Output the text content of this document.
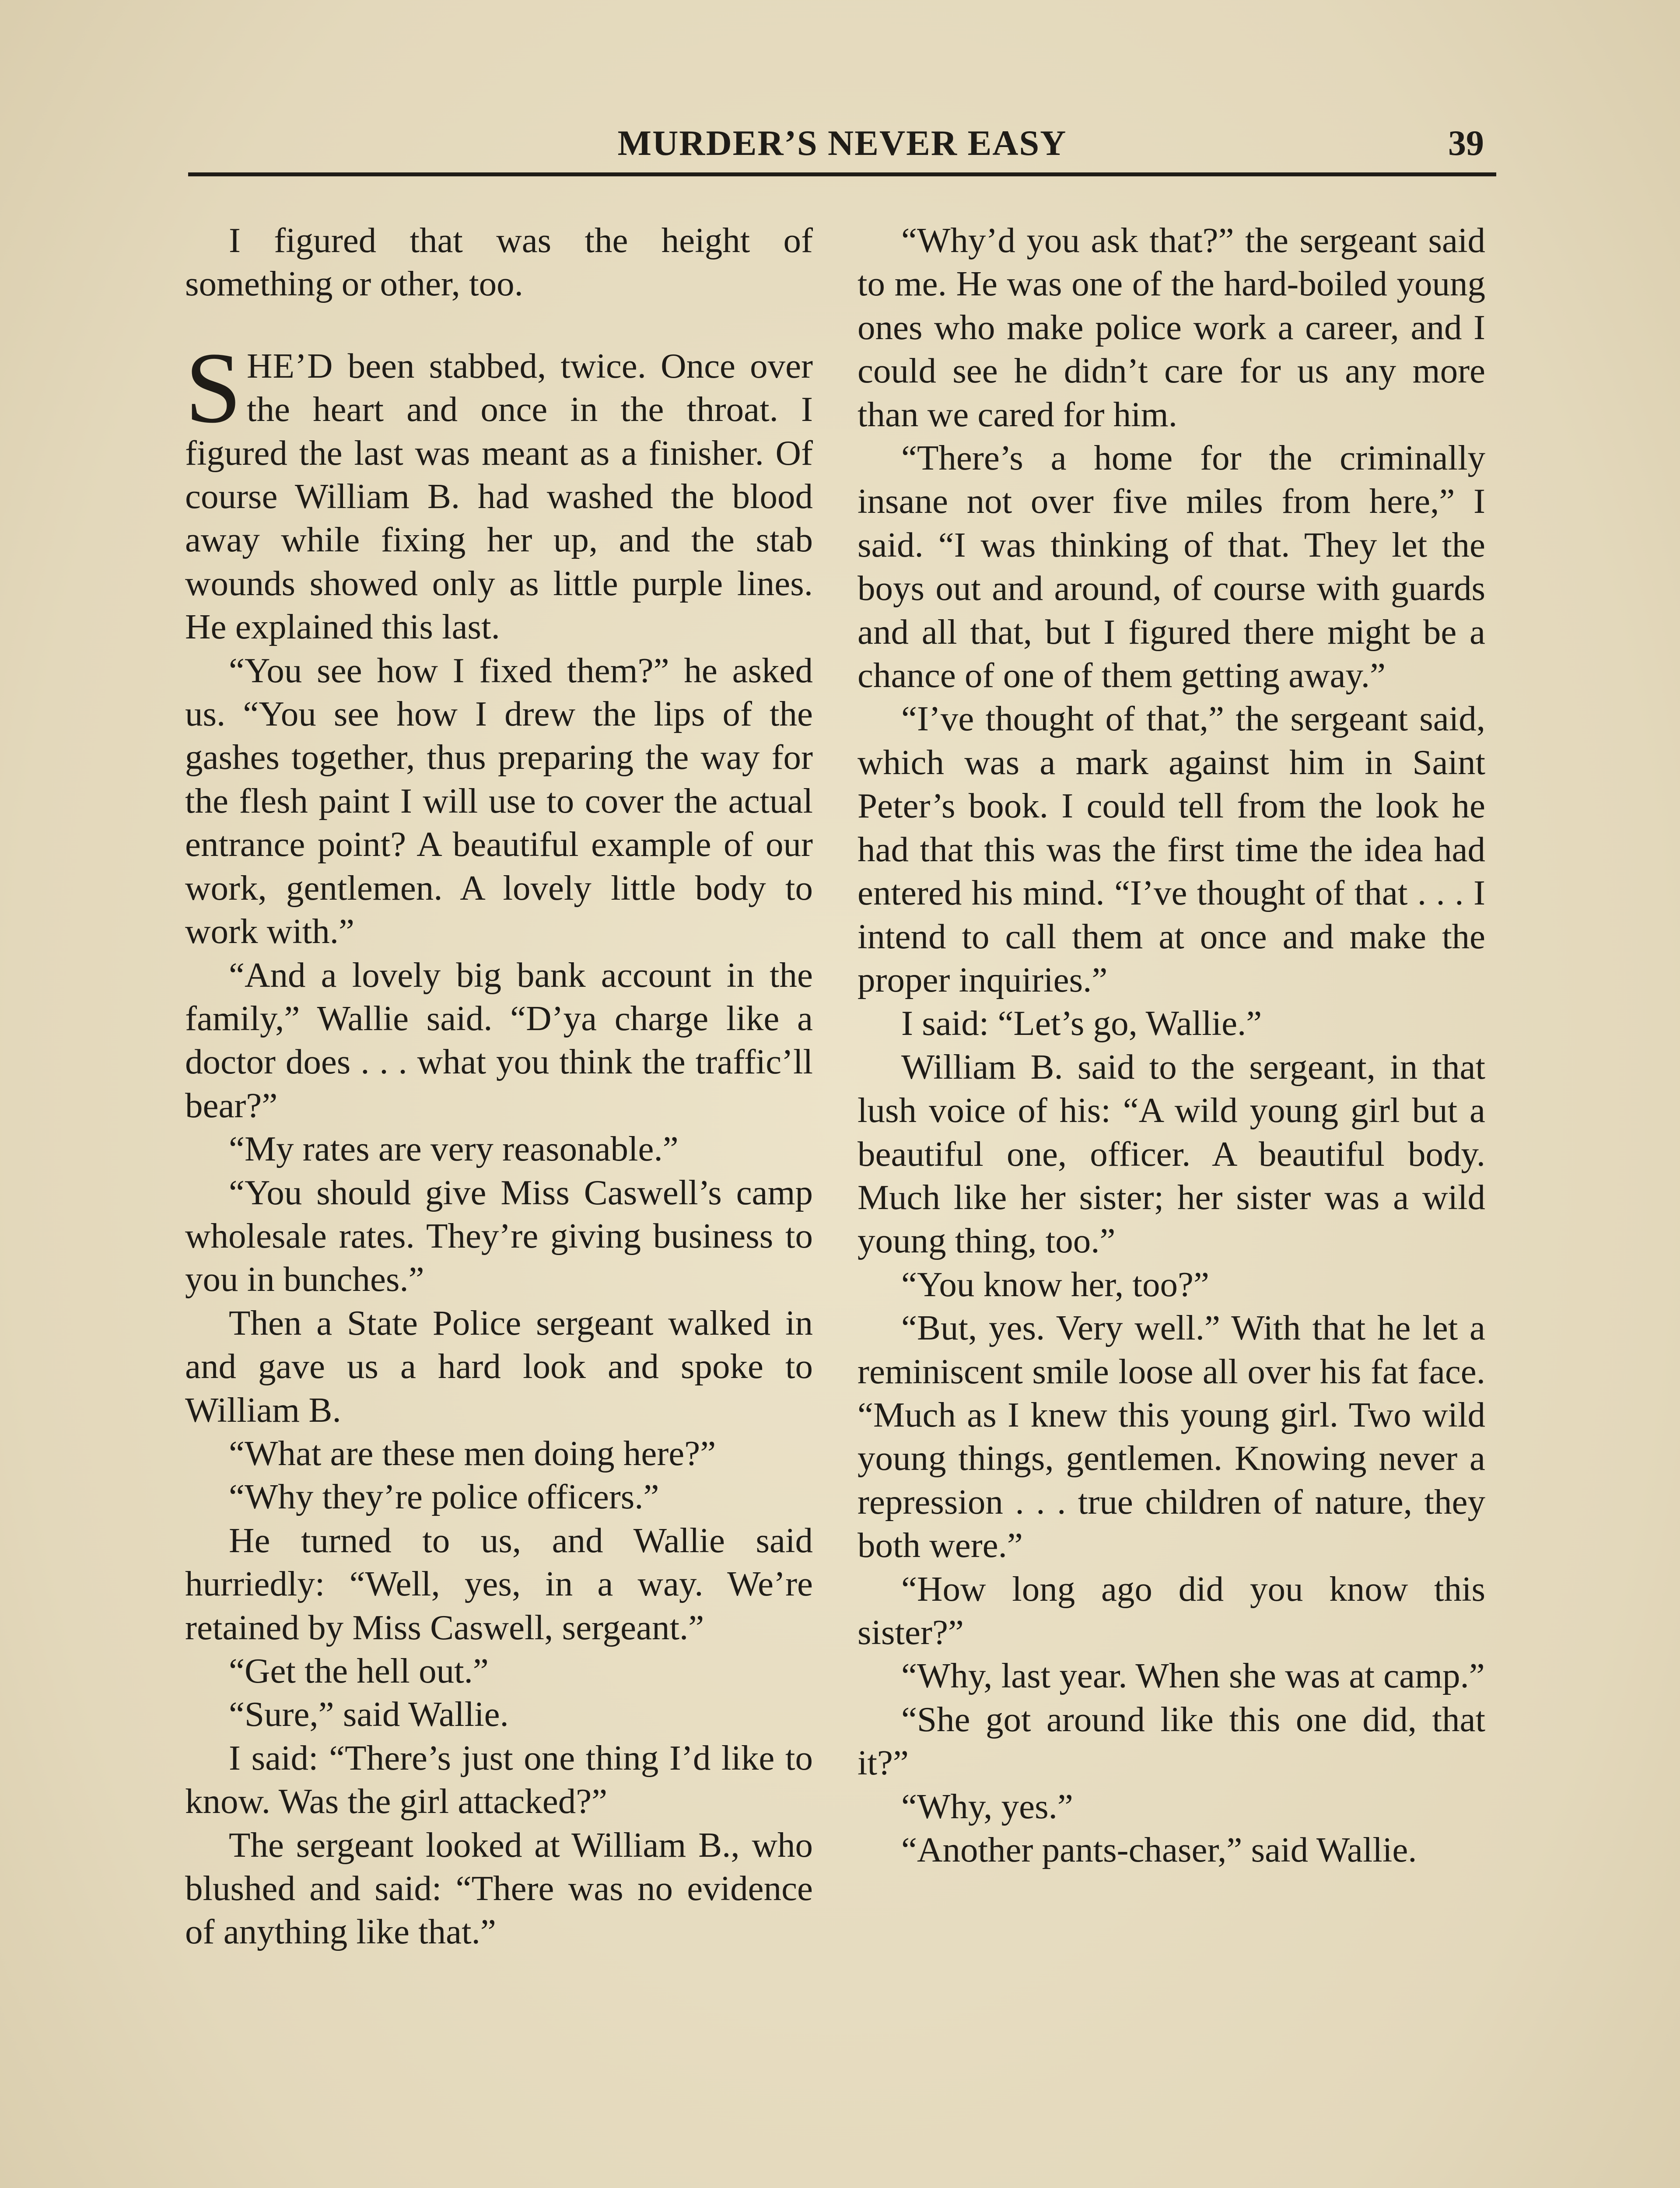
MURDER’S NEVER EASY	39

I figured that was the height of something or other, too.

SHE’D been stabbed, twice. Once over the heart and once in the throat. I figured the last was meant as a finisher. Of course William B. had washed the blood away while fixing her up, and the stab wounds showed only as little purple lines. He explained this last.

“You see how I fixed them?” he asked us. “You see how I drew the lips of the gashes together, thus preparing the way for the flesh paint I will use to cover the actual entrance point? A beautiful example of our work, gentlemen. A lovely little body to work with.”

“And a lovely big bank account in the family,” Wallie said. “D’ya charge like a doctor does . . . what you think the traffic’ll bear?”

“My rates are very reasonable.”

“You should give Miss Caswell’s camp wholesale rates. They’re giving business to you in bunches.”

Then a State Police sergeant walked in and gave us a hard look and spoke to William B.

“What are these men doing here?”

“Why they’re police officers.”

He turned to us, and Wallie said hurriedly: “Well, yes, in a way. We’re retained by Miss Caswell, sergeant.”

“Get the hell out.”

“Sure,” said Wallie.

I said: “There’s just one thing I’d like to know. Was the girl attacked?”

The sergeant looked at William B., who blushed and said: “There was no evidence of anything like that.”

“Why’d you ask that?” the sergeant said to me. He was one of the hard-boiled young ones who make police work a career, and I could see he didn’t care for us any more than we cared for him.

“There’s a home for the criminally insane not over five miles from here,” I said. “I was thinking of that. They let the boys out and around, of course with guards and all that, but I figured there might be a chance of one of them getting away.”

“I’ve thought of that,” the sergeant said, which was a mark against him in Saint Peter’s book. I could tell from the look he had that this was the first time the idea had entered his mind. “I’ve thought of that . . . I intend to call them at once and make the proper inquiries.”

I said: “Let’s go, Wallie.”

William B. said to the sergeant, in that lush voice of his: “A wild young girl but a beautiful one, officer. A beautiful body. Much like her sister; her sister was a wild young thing, too.”

“You know her, too?”

“But, yes. Very well.” With that he let a reminiscent smile loose all over his fat face. “Much as I knew this young girl. Two wild young things, gentlemen. Knowing never a repression . . . true children of nature, they both were.”

“How long ago did you know this sister?”

“Why, last year. When she was at camp.”

“She got around like this one did, that it?”

“Why, yes.”

“Another pants-chaser,” said Wallie.
